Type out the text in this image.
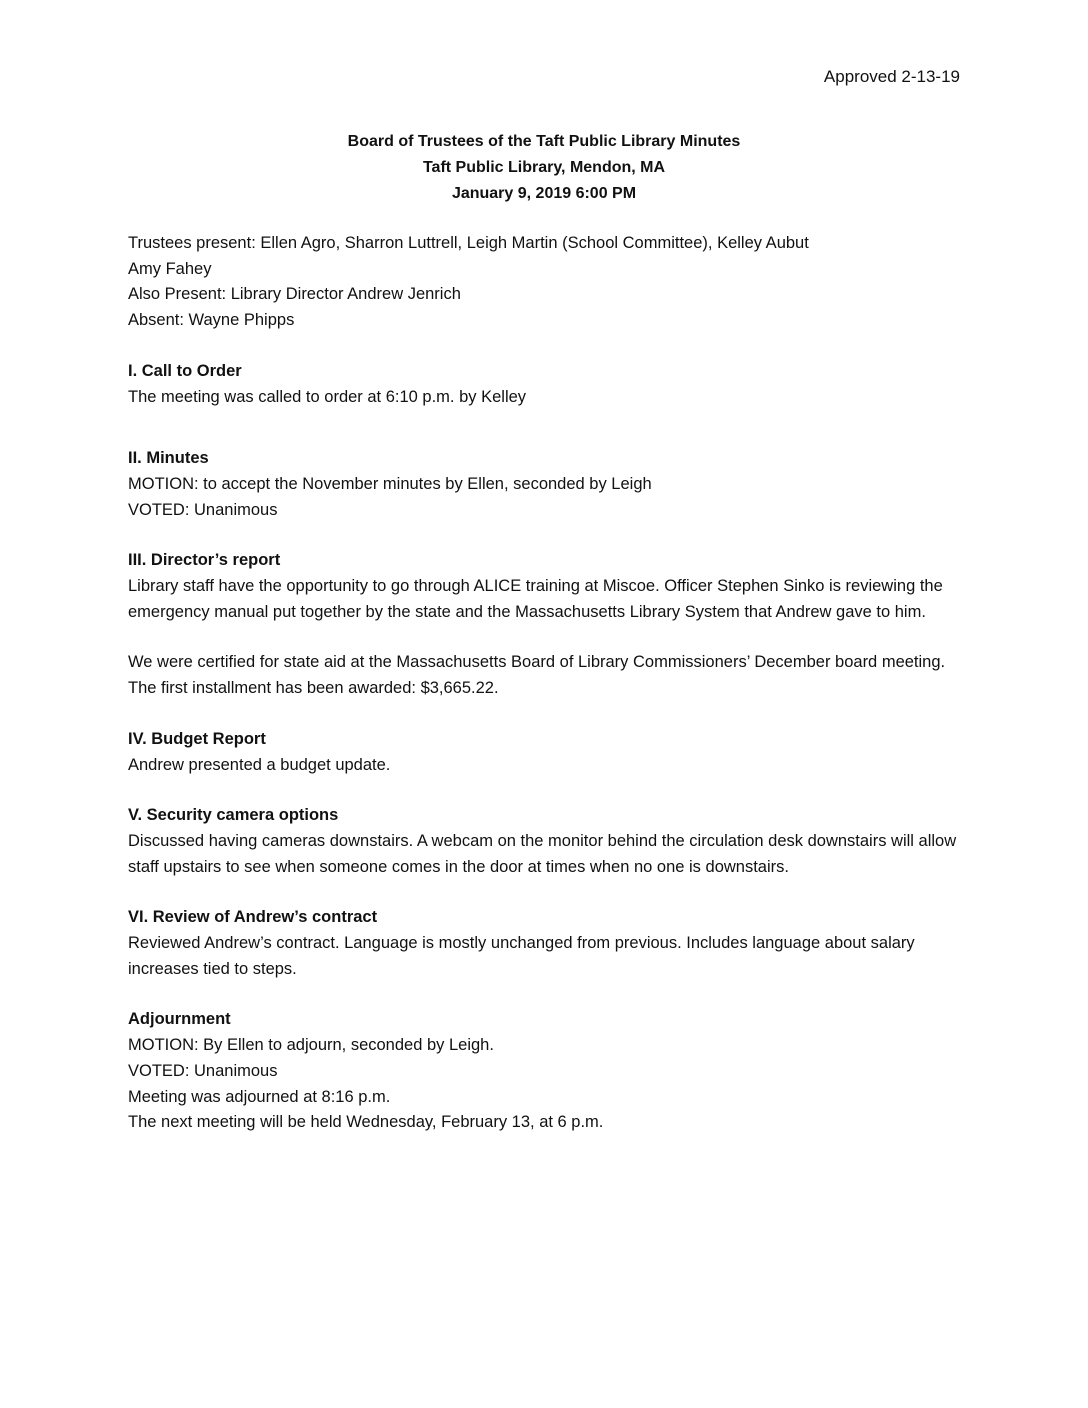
Approved 2-13-19
Board of Trustees of the Taft Public Library Minutes
Taft Public Library, Mendon, MA
January 9, 2019 6:00 PM

Trustees present: Ellen Agro, Sharron Luttrell, Leigh Martin (School Committee), Kelley Aubut

Amy Fahey

Also Present: Library Director Andrew Jenrich

Absent: Wayne Phipps

I. Call to Order

The meeting was called to order at 6:10 p.m. by Kelley

II. Minutes

MOTION: to accept the November minutes by Ellen, seconded by Leigh

VOTED: Unanimous

III. Director’s report

Library staff have the opportunity to go through ALICE training at Miscoe. Officer Stephen Sinko is reviewing the emergency manual put together by the state and the Massachusetts Library System that Andrew gave to him.

We were certified for state aid at the Massachusetts Board of Library Commissioners’ December board meeting. The first installment has been awarded: $3,665.22.

IV. Budget Report

Andrew presented a budget update.

V. Security camera options

Discussed having cameras downstairs. A webcam on the monitor behind the circulation desk downstairs will allow staff upstairs to see when someone comes in the door at times when no one is downstairs.

VI. Review of Andrew’s contract

Reviewed Andrew’s contract. Language is mostly unchanged from previous. Includes language about salary increases tied to steps.

Adjournment

MOTION: By Ellen to adjourn, seconded by Leigh.

VOTED: Unanimous

Meeting was adjourned at 8:16 p.m.

The next meeting will be held Wednesday, February 13, at 6 p.m.
